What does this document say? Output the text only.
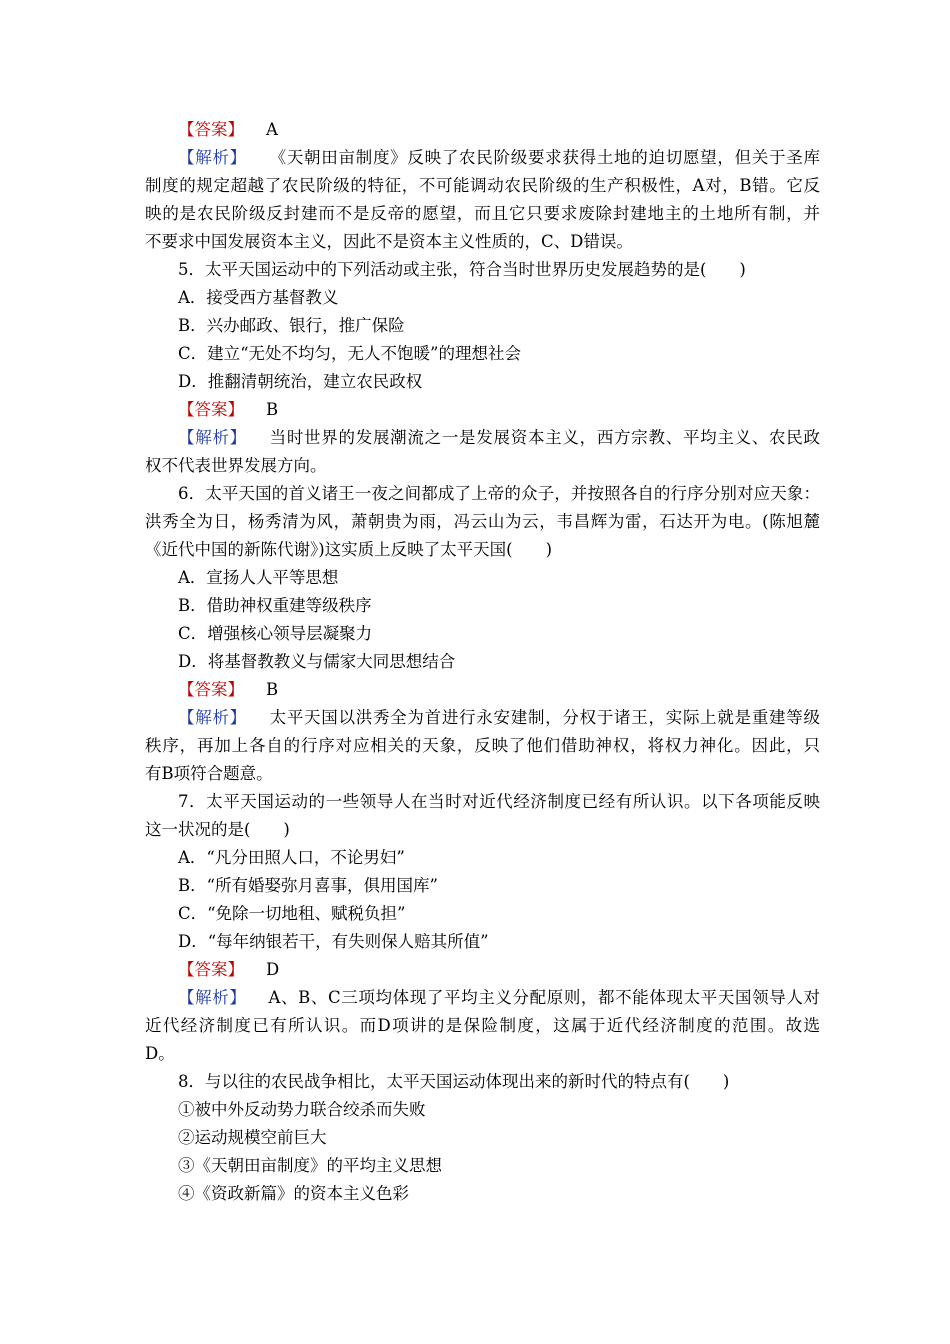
【答案】 A
【解析】 《天朝田亩制度》反映了农民阶级要求获得土地的迫切愿望，但关于圣库
制度的规定超越了农民阶级的特征，不可能调动农民阶级的生产积极性，A对，B错。它反
映的是农民阶级反封建而不是反帝的愿望，而且它只要求废除封建地主的土地所有制，并
不要求中国发展资本主义，因此不是资本主义性质的，C、D错误。
5．太平天国运动中的下列活动或主张，符合当时世界历史发展趋势的是(　　)
A．接受西方基督教义
B．兴办邮政、银行，推广保险
C．建立“无处不均匀，无人不饱暖”的理想社会
D．推翻清朝统治，建立农民政权
【答案】 B
【解析】 当时世界的发展潮流之一是发展资本主义，西方宗教、平均主义、农民政
权不代表世界发展方向。
6．太平天国的首义诸王一夜之间都成了上帝的众子，并按照各自的行序分别对应天象：
洪秀全为日，杨秀清为风，萧朝贵为雨，冯云山为云，韦昌辉为雷，石达开为电。(陈旭麓
《近代中国的新陈代谢》)这实质上反映了太平天国(　　)
A．宣扬人人平等思想
B．借助神权重建等级秩序
C．增强核心领导层凝聚力
D．将基督教教义与儒家大同思想结合
【答案】 B
【解析】 太平天国以洪秀全为首进行永安建制，分权于诸王，实际上就是重建等级
秩序，再加上各自的行序对应相关的天象，反映了他们借助神权，将权力神化。因此，只
有B项符合题意。
7．太平天国运动的一些领导人在当时对近代经济制度已经有所认识。以下各项能反映
这一状况的是(　　)
A．“凡分田照人口，不论男妇”
B．“所有婚娶弥月喜事，俱用国库”
C．“免除一切地租、赋税负担”
D．“每年纳银若干，有失则保人赔其所值”
【答案】 D
【解析】 A、B、C三项均体现了平均主义分配原则，都不能体现太平天国领导人对
近代经济制度已有所认识。而D项讲的是保险制度，这属于近代经济制度的范围。故选
D。
8．与以往的农民战争相比，太平天国运动体现出来的新时代的特点有(　　)
①被中外反动势力联合绞杀而失败
②运动规模空前巨大
③《天朝田亩制度》的平均主义思想
④《资政新篇》的资本主义色彩
